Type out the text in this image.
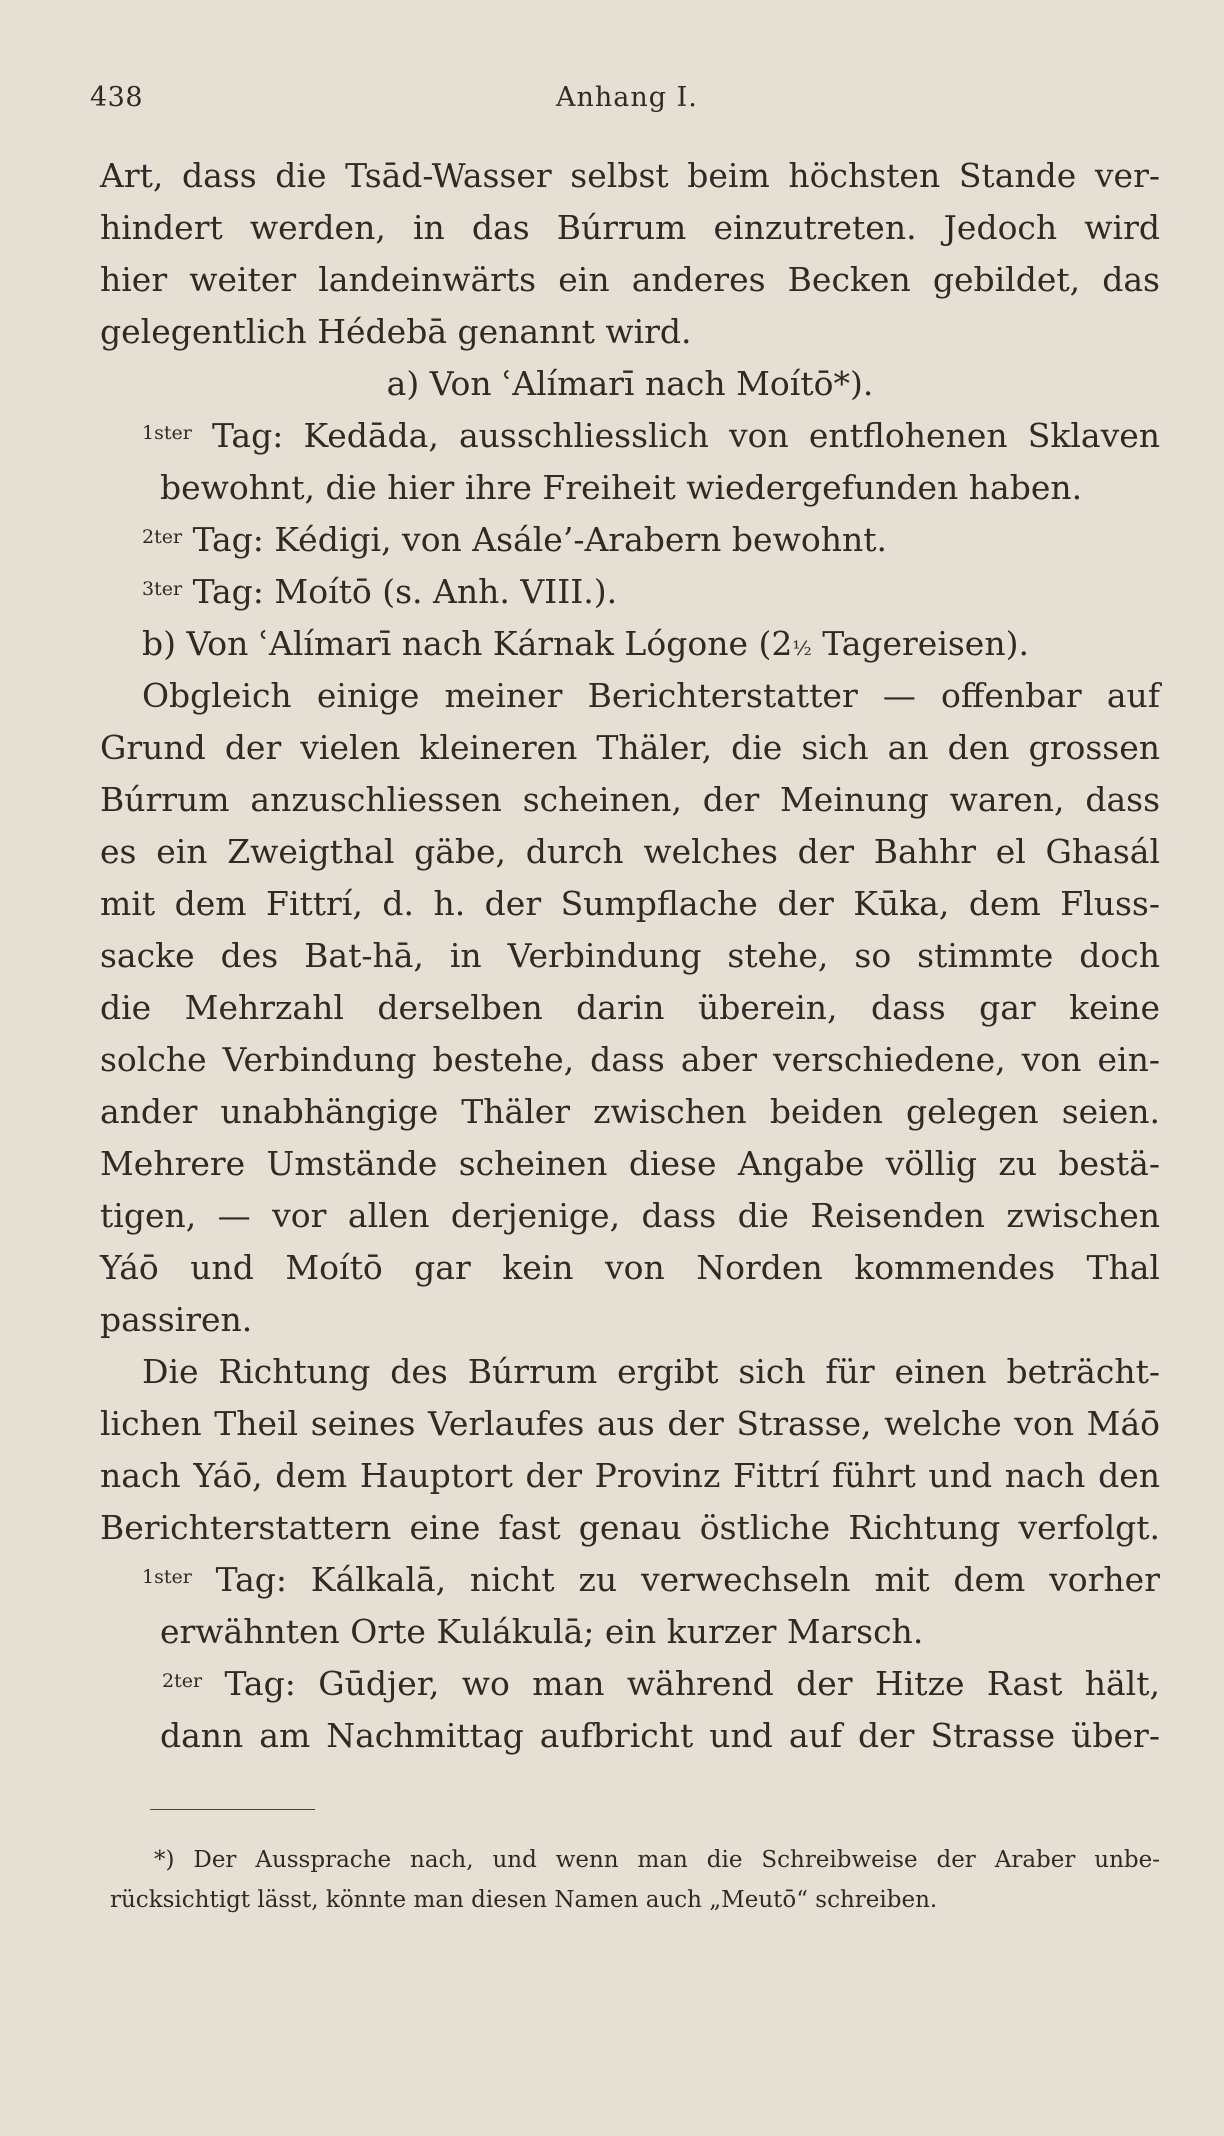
438	Anhang I.
Art, dass die Tsād-Wasser selbst beim höchsten Stande ver-
hindert werden, in das Búrrum einzutreten. Jedoch wird
hier weiter landeinwärts ein anderes Becken gebildet, das
gelegentlich Hédebā genannt wird.
a) Von ʿAlímarī nach Moítō*).
$^{1ster}$ Tag: Kedāda, ausschliesslich von entflohenen Sklaven
bewohnt, die hier ihre Freiheit wiedergefunden haben.
$^{2ter}$ Tag: Kédigi, von Asále’-Arabern bewohnt.
$^{3ter}$ Tag: Moítō (s. Anh. VIII.).
b) Von ʿAlímarī nach Kárnak Lógone (2½ Tagereisen).
Obgleich einige meiner Berichterstatter — offenbar auf
Grund der vielen kleineren Thäler, die sich an den grossen
Búrrum anzuschliessen scheinen, der Meinung waren, dass
es ein Zweigthal gäbe, durch welches der Bahhr el Ghasál
mit dem Fittrí, d. h. der Sumpflache der Kūka, dem Fluss-
sacke des Bat-hā, in Verbindung stehe, so stimmte doch
die Mehrzahl derselben darin überein, dass gar keine
solche Verbindung bestehe, dass aber verschiedene, von ein-
ander unabhängige Thäler zwischen beiden gelegen seien.
Mehrere Umstände scheinen diese Angabe völlig zu bestä-
tigen, — vor allen derjenige, dass die Reisenden zwischen
Yáō und Moítō gar kein von Norden kommendes Thal
passiren.
Die Richtung des Búrrum ergibt sich für einen beträcht-
lichen Theil seines Verlaufes aus der Strasse, welche von Máō
nach Yáō, dem Hauptort der Provinz Fittrí führt und nach den
Berichterstattern eine fast genau östliche Richtung verfolgt.
$^{1ster}$ Tag: Kálkalā, nicht zu verwechseln mit dem vorher
erwähnten Orte Kulákulā; ein kurzer Marsch.
$^{2ter}$ Tag: Gūdjer, wo man während der Hitze Rast hält,
dann am Nachmittag aufbricht und auf der Strasse über-
*) Der Aussprache nach, und wenn man die Schreibweise der Araber unbe-
rücksichtigt lässt, könnte man diesen Namen auch „Meutō“ schreiben.
